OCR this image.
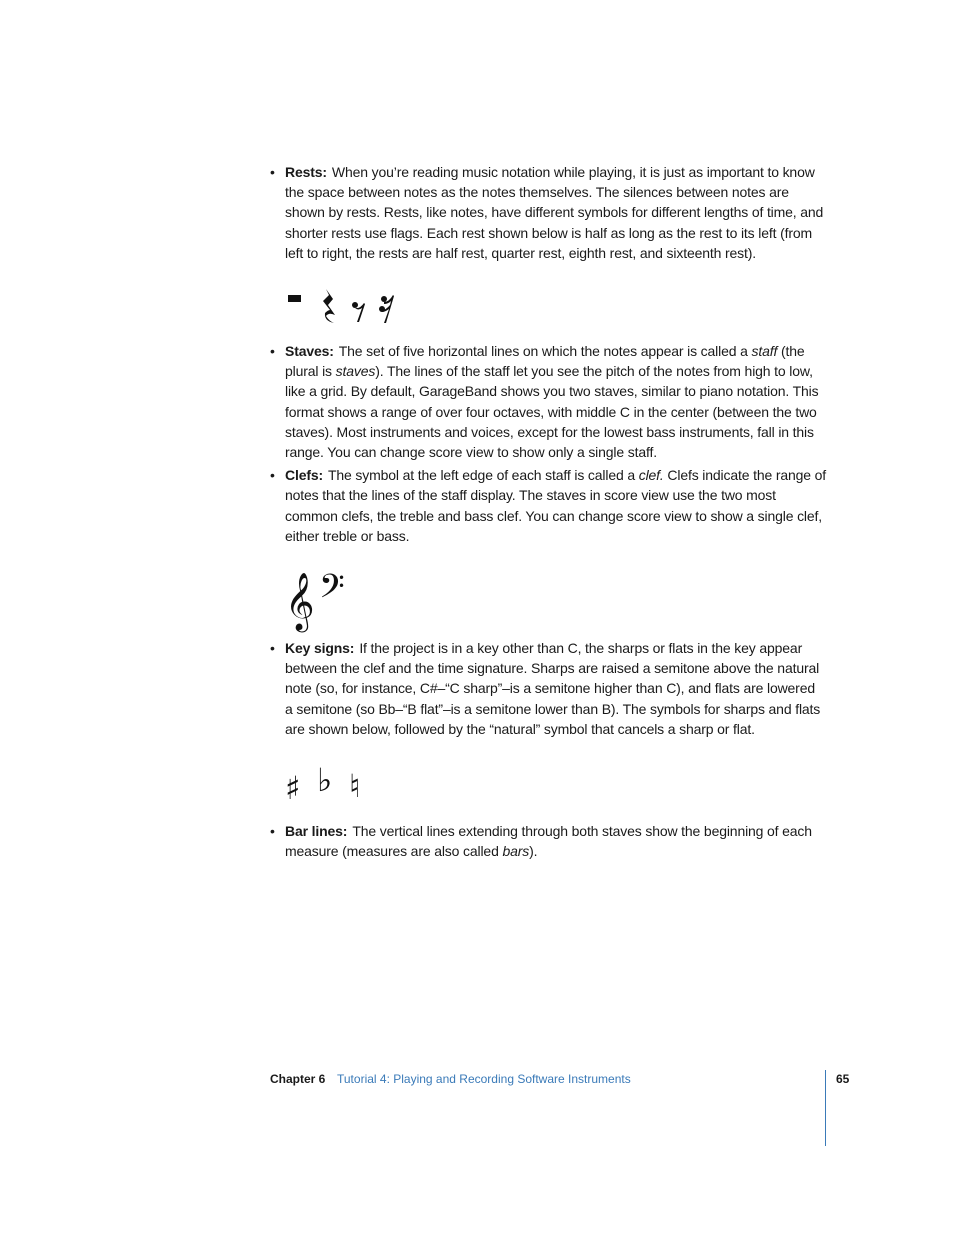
• Rests: When you’re reading music notation while playing, it is just as important to know the space between notes as the notes themselves. The silences between notes are shown by rests. Rests, like notes, have different symbols for different lengths of time, and shorter rests use flags. Each rest shown below is half as long as the rest to its left (from left to right, the rests are half rest, quarter rest, eighth rest, and sixteenth rest).
• Staves: The set of five horizontal lines on which the notes appear is called a staff (the plural is staves). The lines of the staff let you see the pitch of the notes from high to low, like a grid. By default, GarageBand shows you two staves, similar to piano notation. This format shows a range of over four octaves, with middle C in the center (between the two staves). Most instruments and voices, except for the lowest bass instruments, fall in this range. You can change score view to show only a single staff.
• Clefs: The symbol at the left edge of each staff is called a clef. Clefs indicate the range of notes that the lines of the staff display. The staves in score view use the two most common clefs, the treble and bass clef. You can change score view to show a single clef, either treble or bass.
𝄞 𝄢
• Key signs: If the project is in a key other than C, the sharps or flats in the key appear between the clef and the time signature. Sharps are raised a semitone above the natural note (so, for instance, C#–“C sharp”–is a semitone higher than C), and flats are lowered a semitone (so Bb–“B flat”–is a semitone lower than B). The symbols for sharps and flats are shown below, followed by the “natural” symbol that cancels a sharp or flat.
♯ ♭ ♮
• Bar lines: The vertical lines extending through both staves show the beginning of each measure (measures are also called bars).
Chapter 6 Tutorial 4: Playing and Recording Software Instruments	65
